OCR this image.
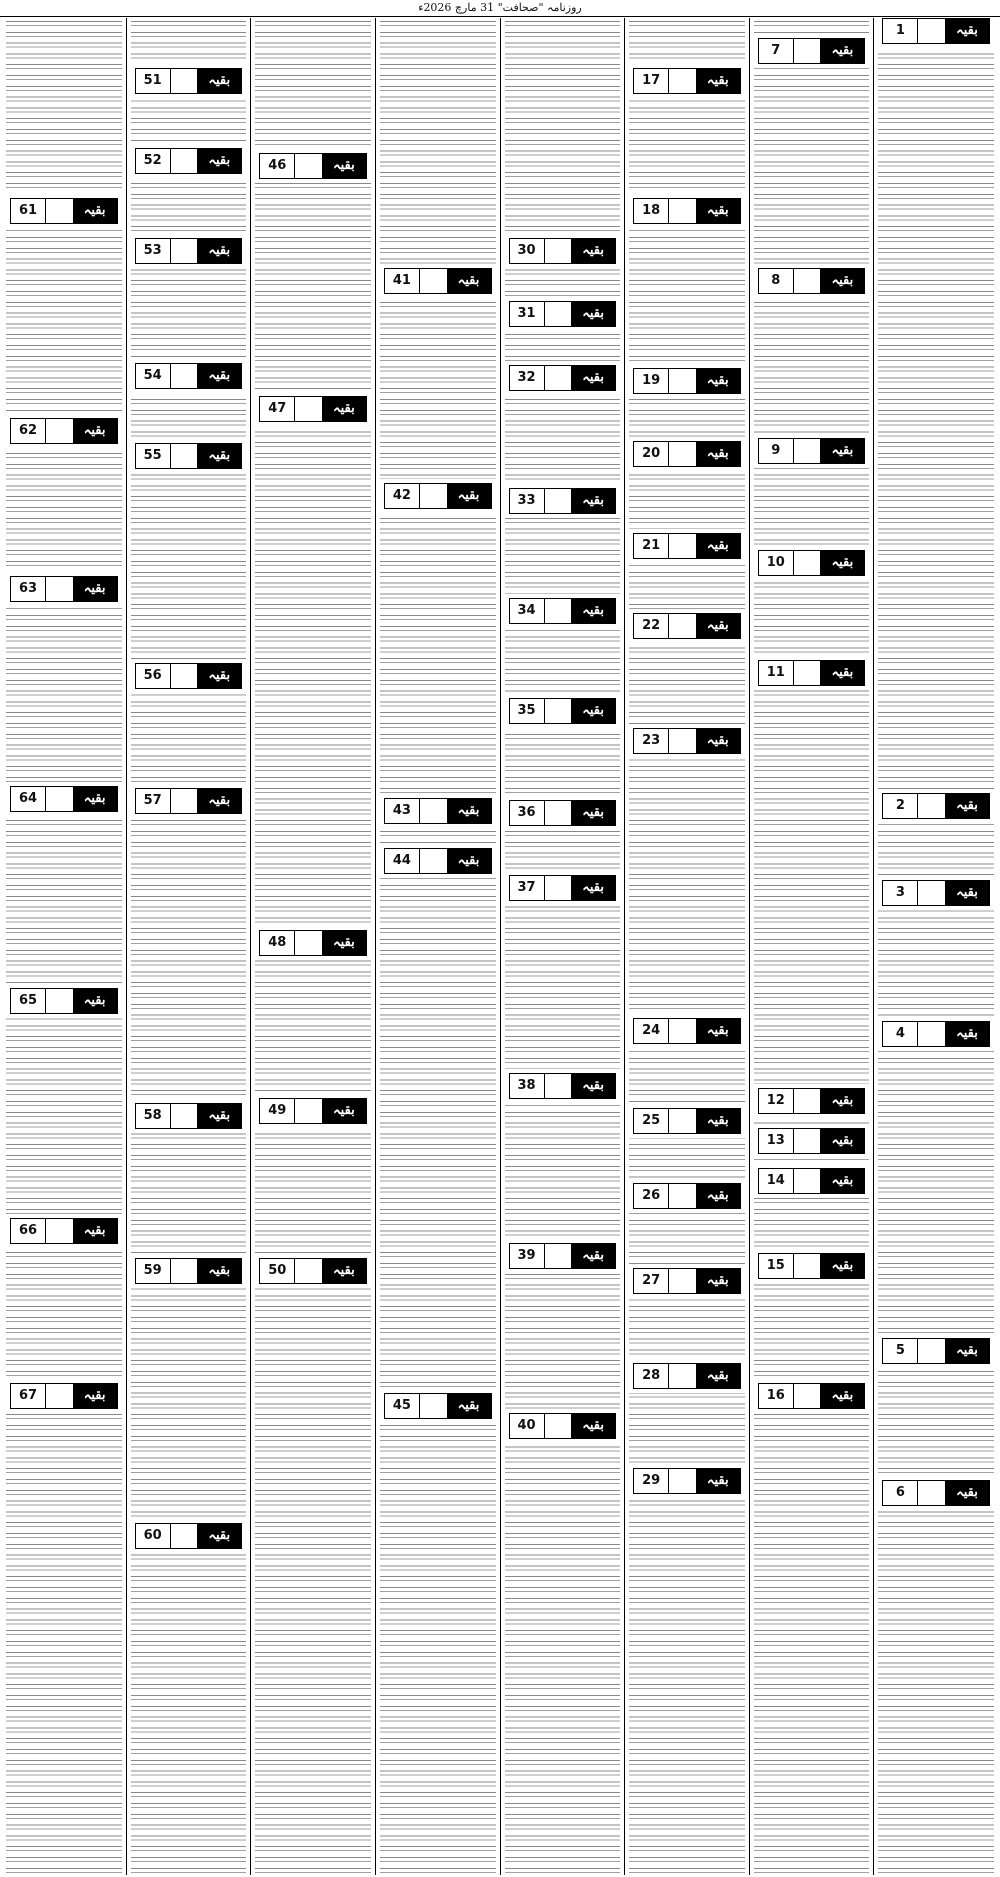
روزنامہ "صحافت" 31 مارچ 2026ء
بقیہ
1
بقیہ
2
بقیہ
3
بقیہ
4
بقیہ
5
بقیہ
6
بقیہ
7
بقیہ
8
بقیہ
9
بقیہ
10
بقیہ
11
بقیہ
12
بقیہ
13
بقیہ
14
بقیہ
15
بقیہ
16
بقیہ
17
بقیہ
18
بقیہ
19
بقیہ
20
بقیہ
21
بقیہ
22
بقیہ
23
بقیہ
24
بقیہ
25
بقیہ
26
بقیہ
27
بقیہ
28
بقیہ
29
بقیہ
30
بقیہ
31
بقیہ
32
بقیہ
33
بقیہ
34
بقیہ
35
بقیہ
36
بقیہ
37
بقیہ
38
بقیہ
39
بقیہ
40
بقیہ
41
بقیہ
42
بقیہ
43
بقیہ
44
بقیہ
45
بقیہ
46
بقیہ
47
بقیہ
48
بقیہ
49
بقیہ
50
بقیہ
51
بقیہ
52
بقیہ
53
بقیہ
54
بقیہ
55
بقیہ
56
بقیہ
57
بقیہ
58
بقیہ
59
بقیہ
60
بقیہ
61
بقیہ
62
بقیہ
63
بقیہ
64
بقیہ
65
بقیہ
66
بقیہ
67
